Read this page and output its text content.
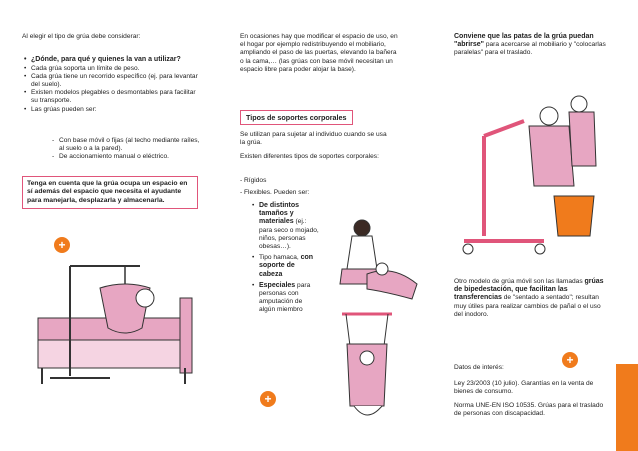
Al elegir el tipo de grúa debe considerar:

• ¿Dónde, para qué y quienes la van a utilizar?
• Cada grúa soporta un límite de peso.
• Cada grúa tiene un recorrido específico (ej. para levantar del suelo).
• Existen modelos plegables o desmontables para facilitar su transporte.
• Las grúas pueden ser:
- Con base móvil o fijas (al techo mediante raíles, al suelo o a la pared).
- De accionamiento manual o eléctrico.
Tenga en cuenta que la grúa ocupa un espacio en sí además del espacio que necesita el ayudante para manejarla, desplazarla y almacenarla.
+

En ocasiones hay que modificar el espacio de uso, en el hogar por ejemplo redistribuyendo el mobiliario, ampliando el paso de las puertas, elevando la bañera o la cama,… (las grúas con base móvil necesitan un espacio libre para poder alojar la base).

Tipos de soportes corporales

Se utilizan para sujetar al individuo cuando se usa la grúa.

Existen diferentes tipos de soportes corporales:

- Rígidos

- Flexibles. Pueden ser:

• De distintos tamaños y materiales (ej.: para seco o mojado, niños, personas obesas…).
• Tipo hamaca, con soporte de cabeza
• Especiales para personas con amputación de algún miembro
+

Conviene que las patas de la grúa puedan "abrirse" para acercarse al mobiliario y "colocarlas paralelas" para el traslado.

Otro modelo de grúa móvil son las llamadas grúas de bipedestación, que facilitan las transferencias de "sentado a sentado"; resultan muy útiles para realizar cambios de pañal o el uso del inodoro.

Datos de interés:

Ley 23/2003 (10 julio). Garantías en la venta de bienes de consumo.

Norma UNE-EN ISO 10535. Grúas para el traslado de personas con discapacidad.

+
